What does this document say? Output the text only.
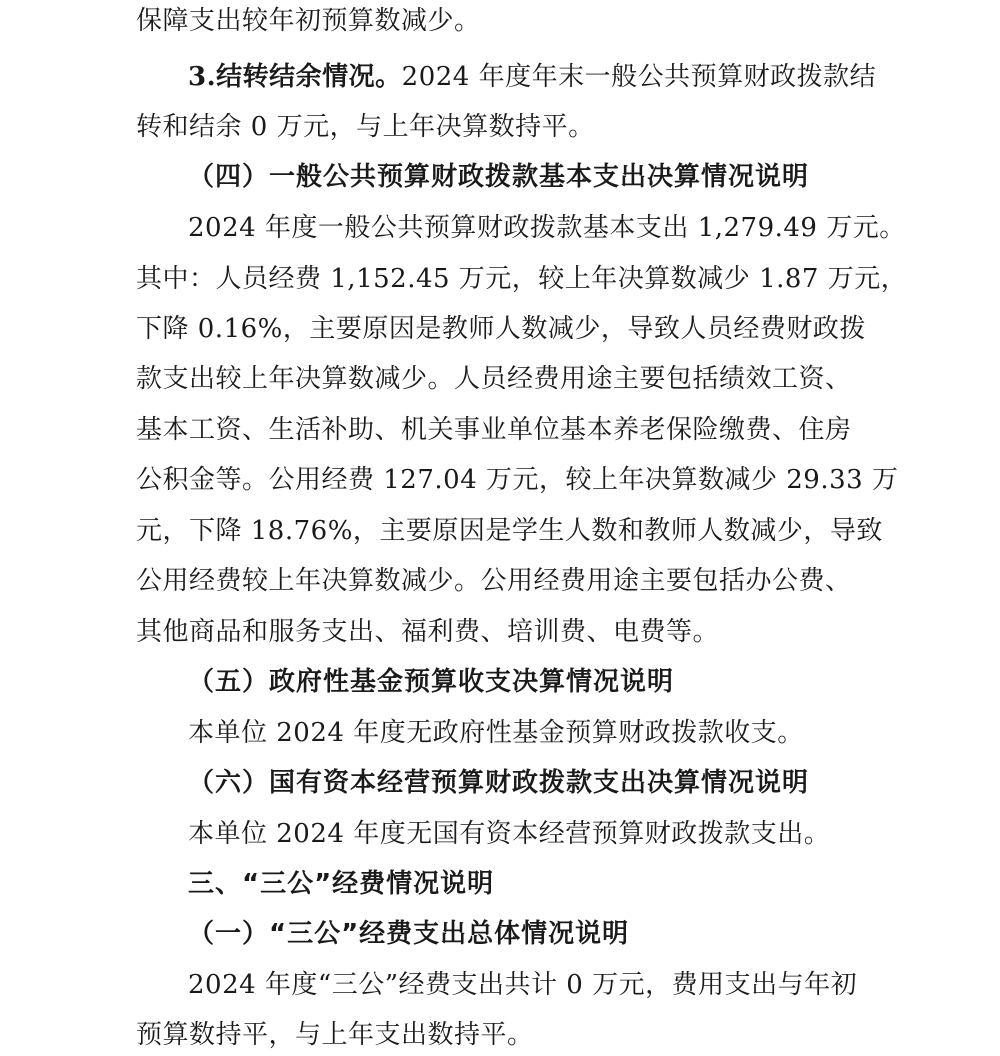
保障支出较年初预算数减少。
3.结转结余情况。2024 年度年末一般公共预算财政拨款结
转和结余 0 万元，与上年决算数持平。
（四）一般公共预算财政拨款基本支出决算情况说明
2024 年度一般公共预算财政拨款基本支出 1,279.49 万元。
其中：人员经费 1,152.45 万元，较上年决算数减少 1.87 万元，
下降 0.16%，主要原因是教师人数减少，导致人员经费财政拨
款支出较上年决算数减少。人员经费用途主要包括绩效工资、
基本工资、生活补助、机关事业单位基本养老保险缴费、住房
公积金等。公用经费 127.04 万元，较上年决算数减少 29.33 万
元，下降 18.76%，主要原因是学生人数和教师人数减少，导致
公用经费较上年决算数减少。公用经费用途主要包括办公费、
其他商品和服务支出、福利费、培训费、电费等。
（五）政府性基金预算收支决算情况说明
本单位 2024 年度无政府性基金预算财政拨款收支。
（六）国有资本经营预算财政拨款支出决算情况说明
本单位 2024 年度无国有资本经营预算财政拨款支出。
三、“三公”经费情况说明
（一）“三公”经费支出总体情况说明
2024 年度“三公”经费支出共计 0 万元，费用支出与年初
预算数持平，与上年支出数持平。
